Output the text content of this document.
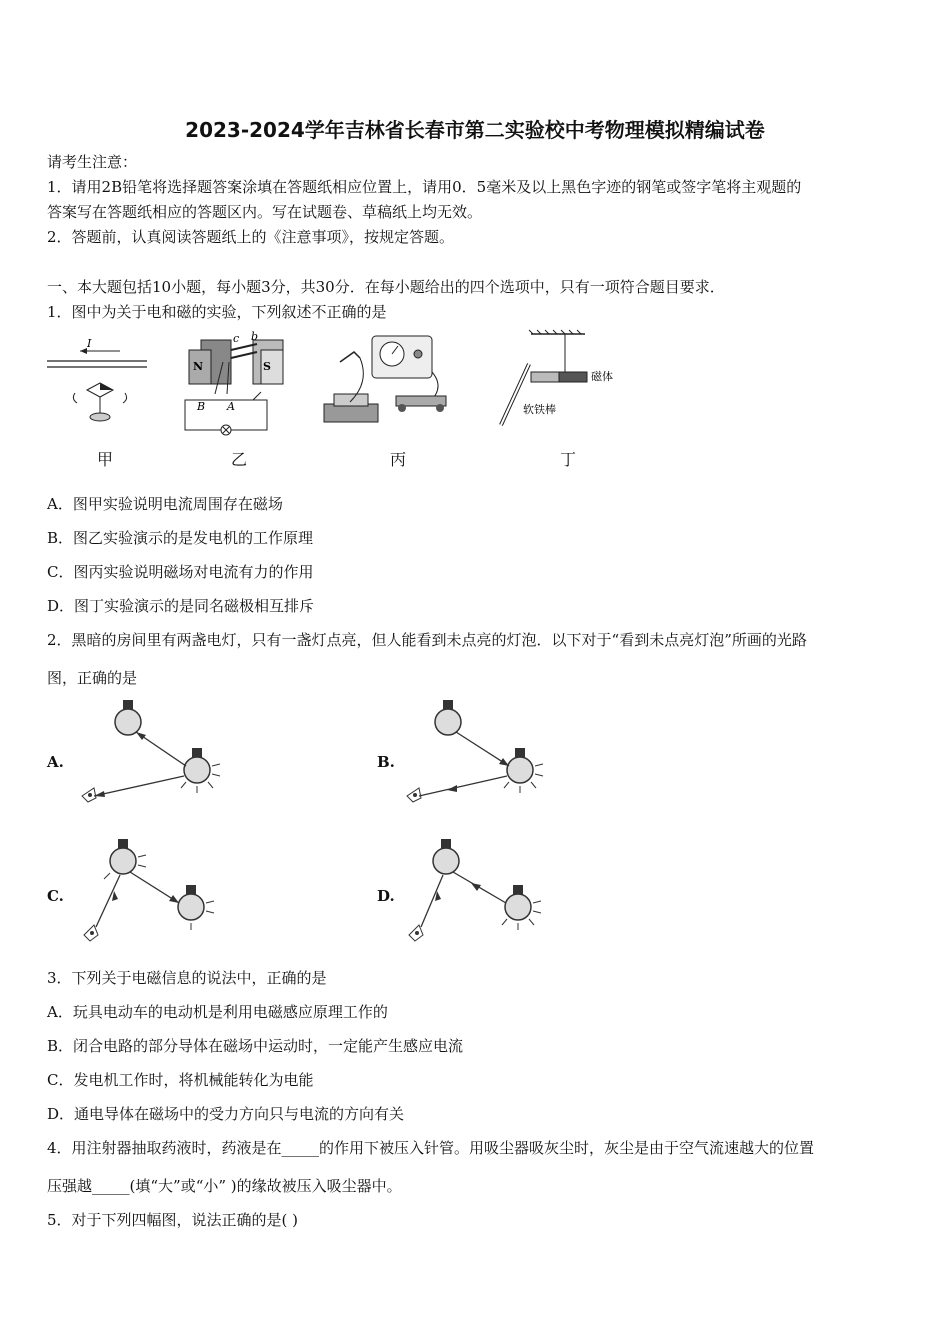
2023-2024学年吉林省长春市第二实验校中考物理模拟精编试卷
请考生注意：
1．请用2B铅笔将选择题答案涂填在答题纸相应位置上，请用0．5毫米及以上黑色字迹的钢笔或签字笔将主观题的
答案写在答题纸相应的答题区内。写在试题卷、草稿纸上均无效。
2．答题前，认真阅读答题纸上的《注意事项》，按规定答题。
一、本大题包括10小题，每小题3分，共30分．在每小题给出的四个选项中，只有一项符合题目要求．
1．图中为关于电和磁的实验，下列叙述不正确的是
I
甲
N	S
c b
B A
乙	丙
磁体
软铁棒
丁
A．图甲实验说明电流周围存在磁场
B．图乙实验演示的是发电机的工作原理
C．图丙实验说明磁场对电流有力的作用
D．图丁实验演示的是同名磁极相互排斥
2．黑暗的房间里有两盏电灯，只有一盏灯点亮，但人能看到未点亮的灯泡．以下对于“看到未点亮灯泡”所画的光路
图，正确的是
A.	B.
C.	D.
3．下列关于电磁信息的说法中，正确的是
A．玩具电动车的电动机是利用电磁感应原理工作的
B．闭合电路的部分导体在磁场中运动时，一定能产生感应电流
C．发电机工作时，将机械能转化为电能
D．通电导体在磁场中的受力方向只与电流的方向有关
4．用注射器抽取药液时，药液是在_____的作用下被压入针管。用吸尘器吸灰尘时，灰尘是由于空气流速越大的位置
压强越_____(填“大”或“小” )的缘故被压入吸尘器中。
5．对于下列四幅图，说法正确的是( )
